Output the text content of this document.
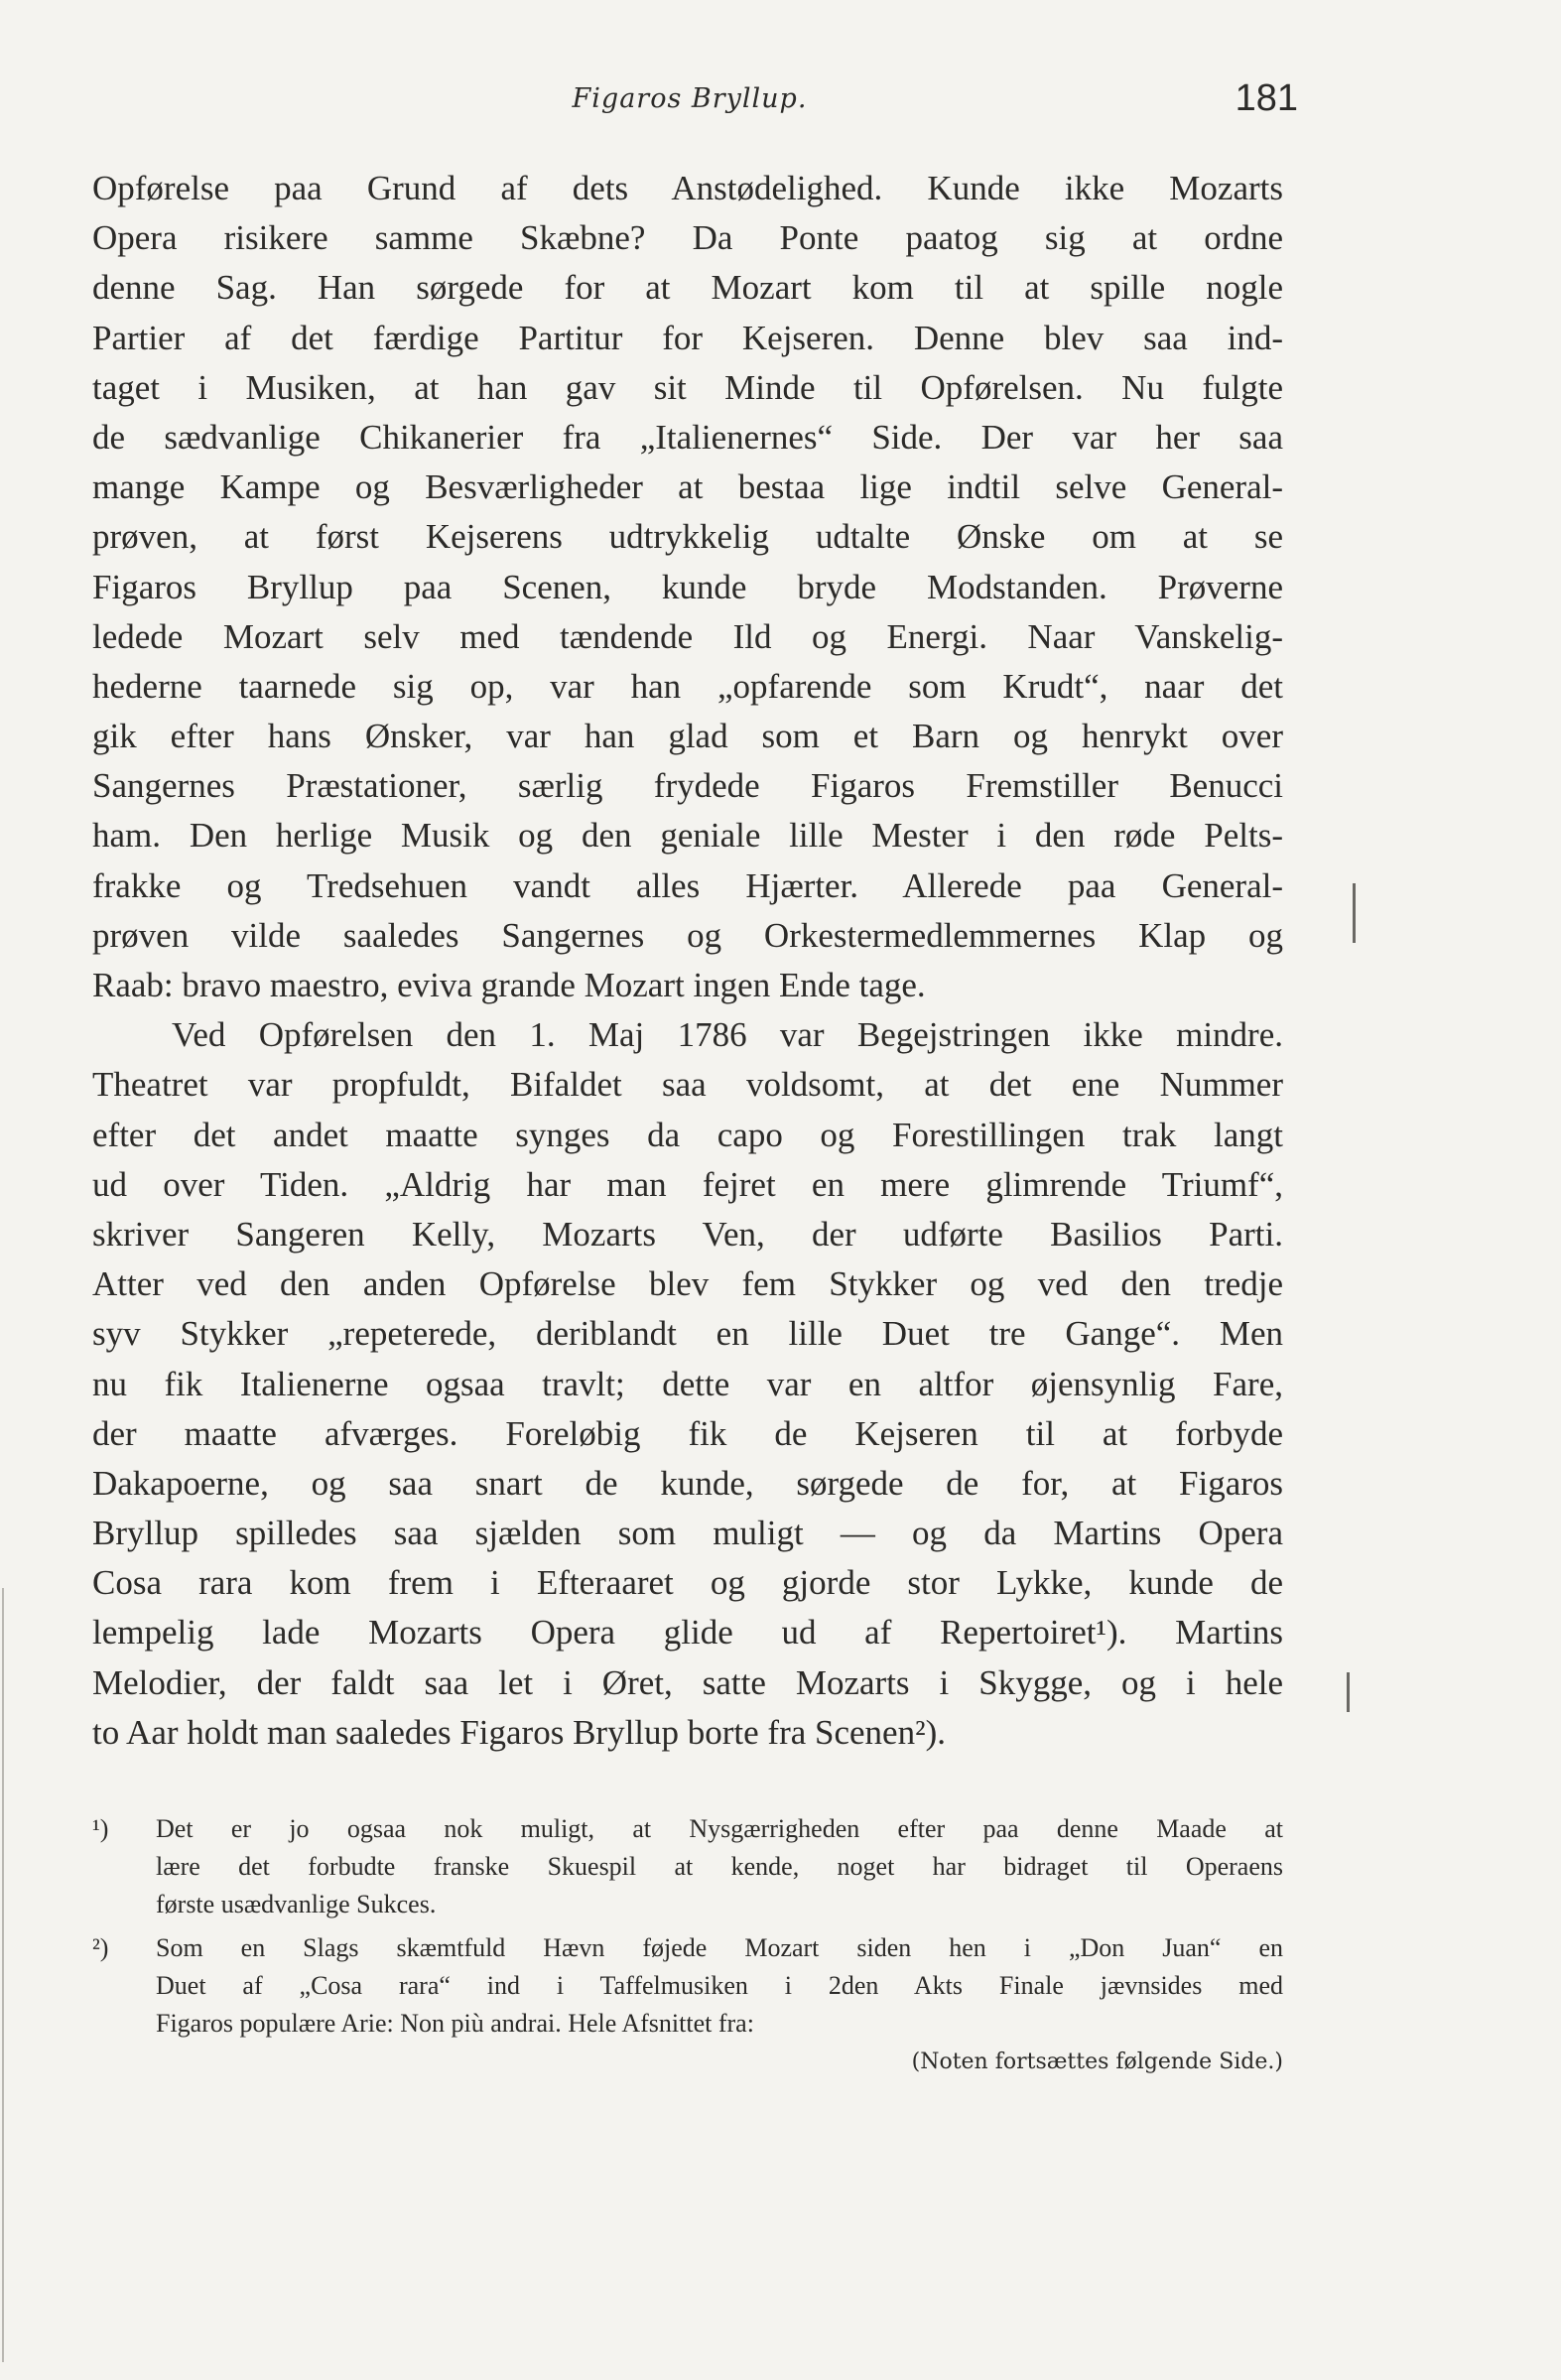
Figaros Bryllup.	181
Opførelse paa Grund af dets Anstødelighed. Kunde ikke Mozarts
Opera risikere samme Skæbne? Da Ponte paatog sig at ordne
denne Sag. Han sørgede for at Mozart kom til at spille nogle
Partier af det færdige Partitur for Kejseren. Denne blev saa ind-
taget i Musiken, at han gav sit Minde til Opførelsen. Nu fulgte
de sædvanlige Chikanerier fra „Italienernes“ Side. Der var her saa
mange Kampe og Besværligheder at bestaa lige indtil selve General-
prøven, at først Kejserens udtrykkelig udtalte Ønske om at se
Figaros Bryllup paa Scenen, kunde bryde Modstanden. Prøverne
ledede Mozart selv med tændende Ild og Energi. Naar Vanskelig-
hederne taarnede sig op, var han „opfarende som Krudt“, naar det
gik efter hans Ønsker, var han glad som et Barn og henrykt over
Sangernes Præstationer, særlig frydede Figaros Fremstiller Benucci
ham. Den herlige Musik og den geniale lille Mester i den røde Pelts-
frakke og Tredsehuen vandt alles Hjærter. Allerede paa General-
prøven vilde saaledes Sangernes og Orkestermedlemmernes Klap og
Raab: bravo maestro, eviva grande Mozart ingen Ende tage.
Ved Opførelsen den 1. Maj 1786 var Begejstringen ikke mindre.
Theatret var propfuldt, Bifaldet saa voldsomt, at det ene Nummer
efter det andet maatte synges da capo og Forestillingen trak langt
ud over Tiden. „Aldrig har man fejret en mere glimrende Triumf“,
skriver Sangeren Kelly, Mozarts Ven, der udførte Basilios Parti.
Atter ved den anden Opførelse blev fem Stykker og ved den tredje
syv Stykker „repeterede, deriblandt en lille Duet tre Gange“. Men
nu fik Italienerne ogsaa travlt; dette var en altfor øjensynlig Fare,
der maatte afværges. Foreløbig fik de Kejseren til at forbyde
Dakapoerne, og saa snart de kunde, sørgede de for, at Figaros
Bryllup spilledes saa sjælden som muligt — og da Martins Opera
Cosa rara kom frem i Efteraaret og gjorde stor Lykke, kunde de
lempelig lade Mozarts Opera glide ud af Repertoiret¹). Martins
Melodier, der faldt saa let i Øret, satte Mozarts i Skygge, og i hele
to Aar holdt man saaledes Figaros Bryllup borte fra Scenen²).
¹) Det er jo ogsaa nok muligt, at Nysgærrigheden efter paa denne Maade at
lære det forbudte franske Skuespil at kende, noget har bidraget til Operaens
første usædvanlige Sukces.
²) Som en Slags skæmtfuld Hævn føjede Mozart siden hen i „Don Juan“ en
Duet af „Cosa rara“ ind i Taffelmusiken i 2den Akts Finale jævnsides med
Figaros populære Arie: Non più andrai. Hele Afsnittet fra:
(Noten fortsættes følgende Side.)
